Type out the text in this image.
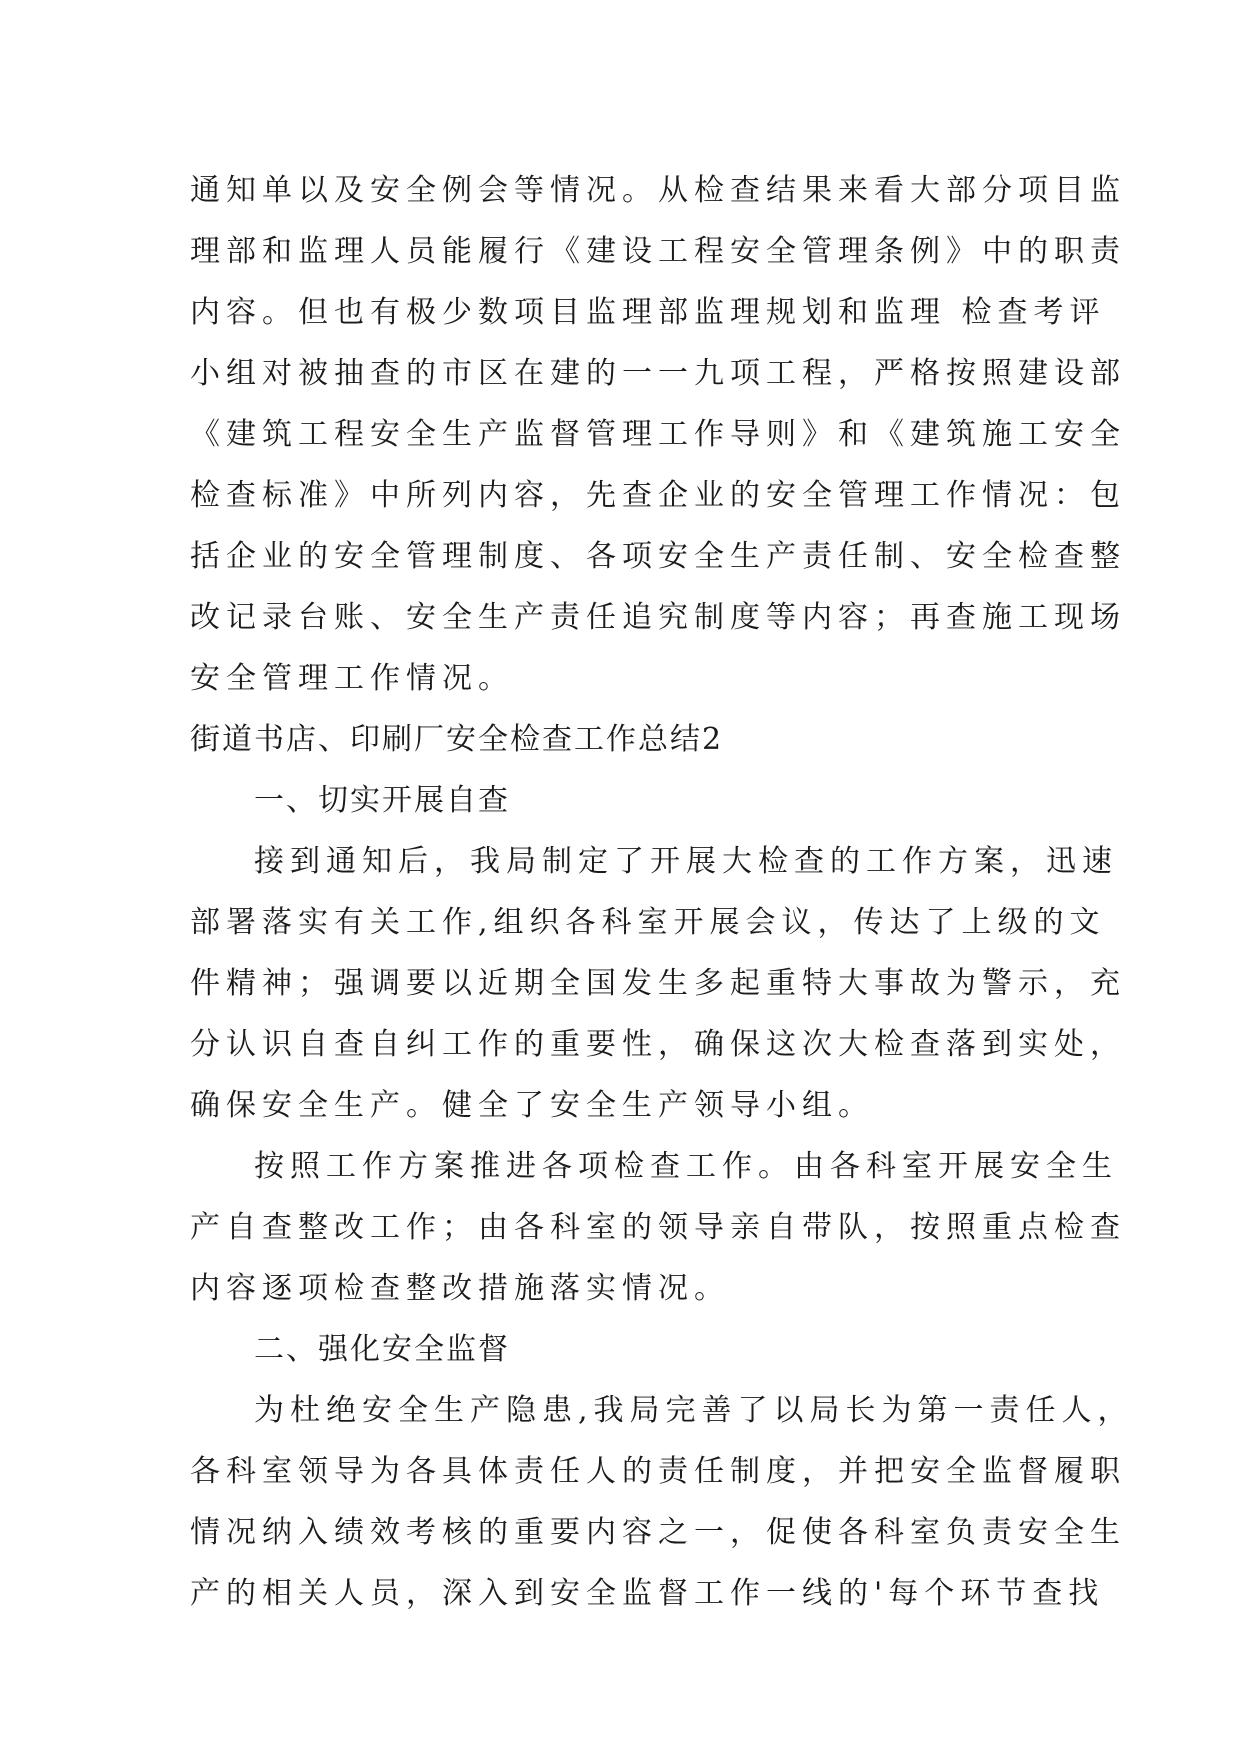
通知单以及安全例会等情况。从检查结果来看大部分项目监
理部和监理人员能履行《建设工程安全管理条例》中的职责
内容。但也有极少数项目监理部监理规划和监理 检查考评
小组对被抽查的市区在建的一一九项工程，严格按照建设部
《建筑工程安全生产监督管理工作导则》和《建筑施工安全
检查标准》中所列内容，先查企业的安全管理工作情况：包
括企业的安全管理制度、各项安全生产责任制、安全检查整
改记录台账、安全生产责任追究制度等内容；再查施工现场
安全管理工作情况。
街道书店、印刷厂安全检查工作总结2
一、切实开展自查
接到通知后，我局制定了开展大检查的工作方案，迅速
部署落实有关工作,组织各科室开展会议，传达了上级的文
件精神；强调要以近期全国发生多起重特大事故为警示，充
分认识自查自纠工作的重要性，确保这次大检查落到实处，
确保安全生产。健全了安全生产领导小组。
按照工作方案推进各项检查工作。由各科室开展安全生
产自查整改工作；由各科室的领导亲自带队，按照重点检查
内容逐项检查整改措施落实情况。
二、强化安全监督
为杜绝安全生产隐患,我局完善了以局长为第一责任人，
各科室领导为各具体责任人的责任制度，并把安全监督履职
情况纳入绩效考核的重要内容之一，促使各科室负责安全生
产的相关人员，深入到安全监督工作一线的'每个环节查找
